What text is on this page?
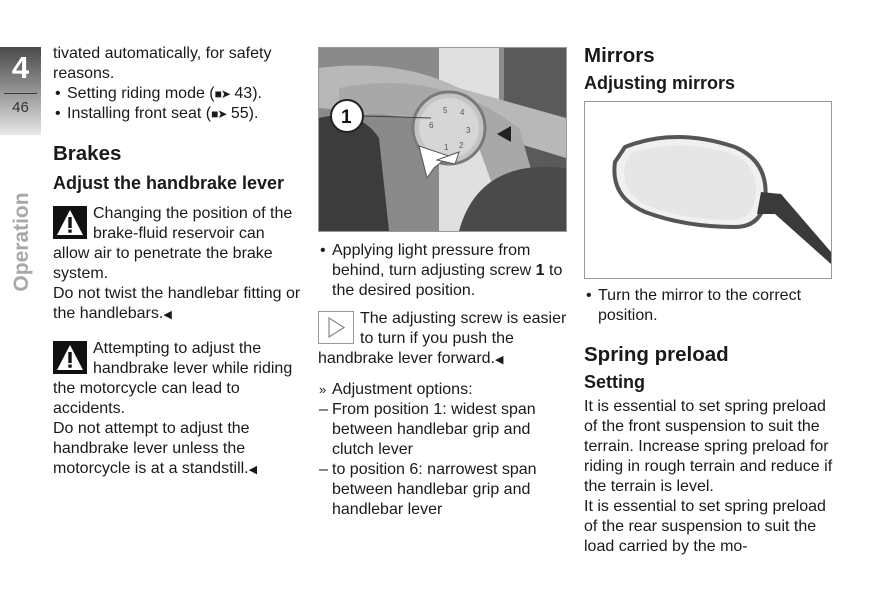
4
46
Operation

tivated automatically, for safety reasons.

• Setting riding mode (■➤ 43).

• Installing front seat (■➤ 55).

Brakes
Adjust the handbrake lever

Changing the position of the brake-fluid reservoir can allow air to penetrate the brake system.

Do not twist the handlebar fitting or the handlebars. ◀

Attempting to adjust the handbrake lever while riding the motorcycle can lead to accidents.

Do not attempt to adjust the handbrake lever unless the motorcycle is at a standstill. ◀

5 4
3
2
1
6
1

• Applying light pressure from behind, turn adjusting screw 1 to the desired position.

The adjusting screw is easier to turn if you push the handbrake lever forward. ◀

» Adjustment options:

– From position 1: widest span between handlebar grip and clutch lever

– to position 6: narrowest span between handlebar grip and handlebar lever

Mirrors
Adjusting mirrors

• Turn the mirror to the correct position.

Spring preload
Setting

It is essential to set spring preload of the front suspension to suit the terrain. Increase spring preload for riding in rough terrain and reduce if the terrain is level.

It is essential to set spring preload of the rear suspension to suit the load carried by the mo-
